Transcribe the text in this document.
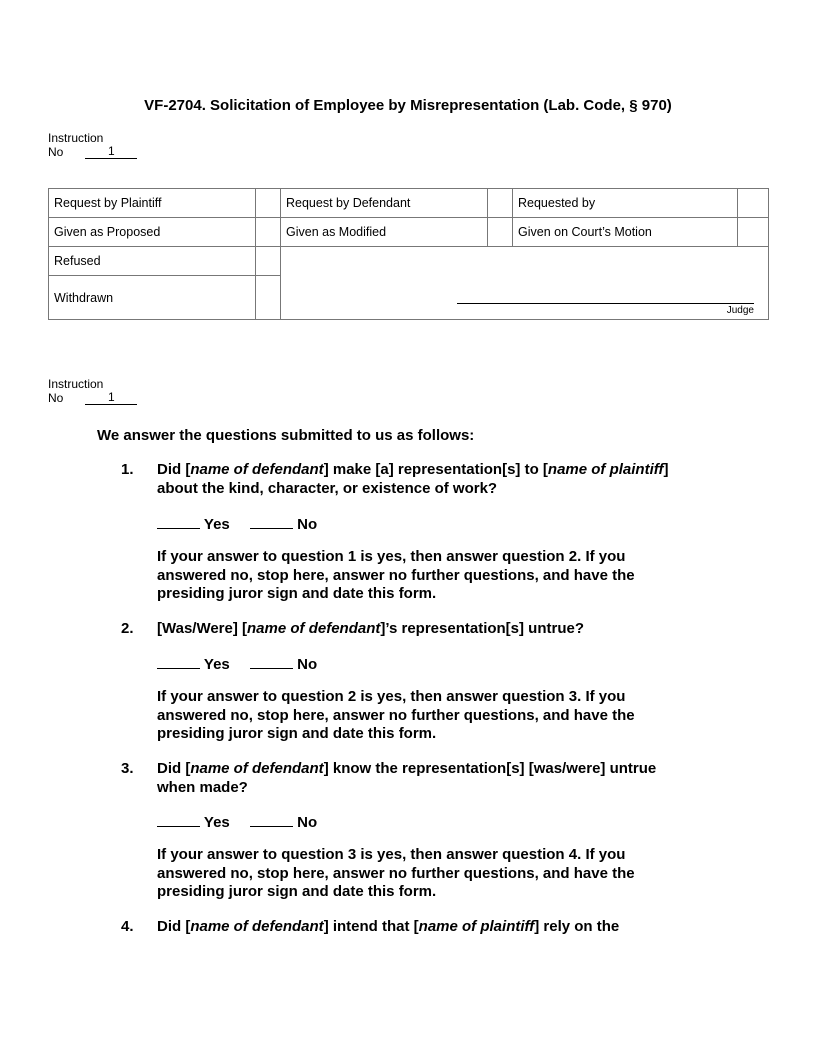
VF-2704. Solicitation of Employee by Misrepresentation (Lab. Code, § 970)
Instruction
No	1
Request by Plaintiff		Request by Defendant		Requested by	
Given as Proposed		Given as Modified		Given on Court’s Motion	
Refused		Judge			

Withdrawn					
Instruction
No	1
We answer the questions submitted to us as follows:
1. Did [name of defendant] make [a] representation[s] to [name of plaintiff]
about the kind, character, or existence of work?
Yes	No
If your answer to question 1 is yes, then answer question 2. If you
answered no, stop here, answer no further questions, and have the
presiding juror sign and date this form.
2. [Was/Were] [name of defendant]’s representation[s] untrue?
Yes	No
If your answer to question 2 is yes, then answer question 3. If you
answered no, stop here, answer no further questions, and have the
presiding juror sign and date this form.
3. Did [name of defendant] know the representation[s] [was/were] untrue
when made?
Yes	No
If your answer to question 3 is yes, then answer question 4. If you
answered no, stop here, answer no further questions, and have the
presiding juror sign and date this form.
4. Did [name of defendant] intend that [name of plaintiff] rely on the
